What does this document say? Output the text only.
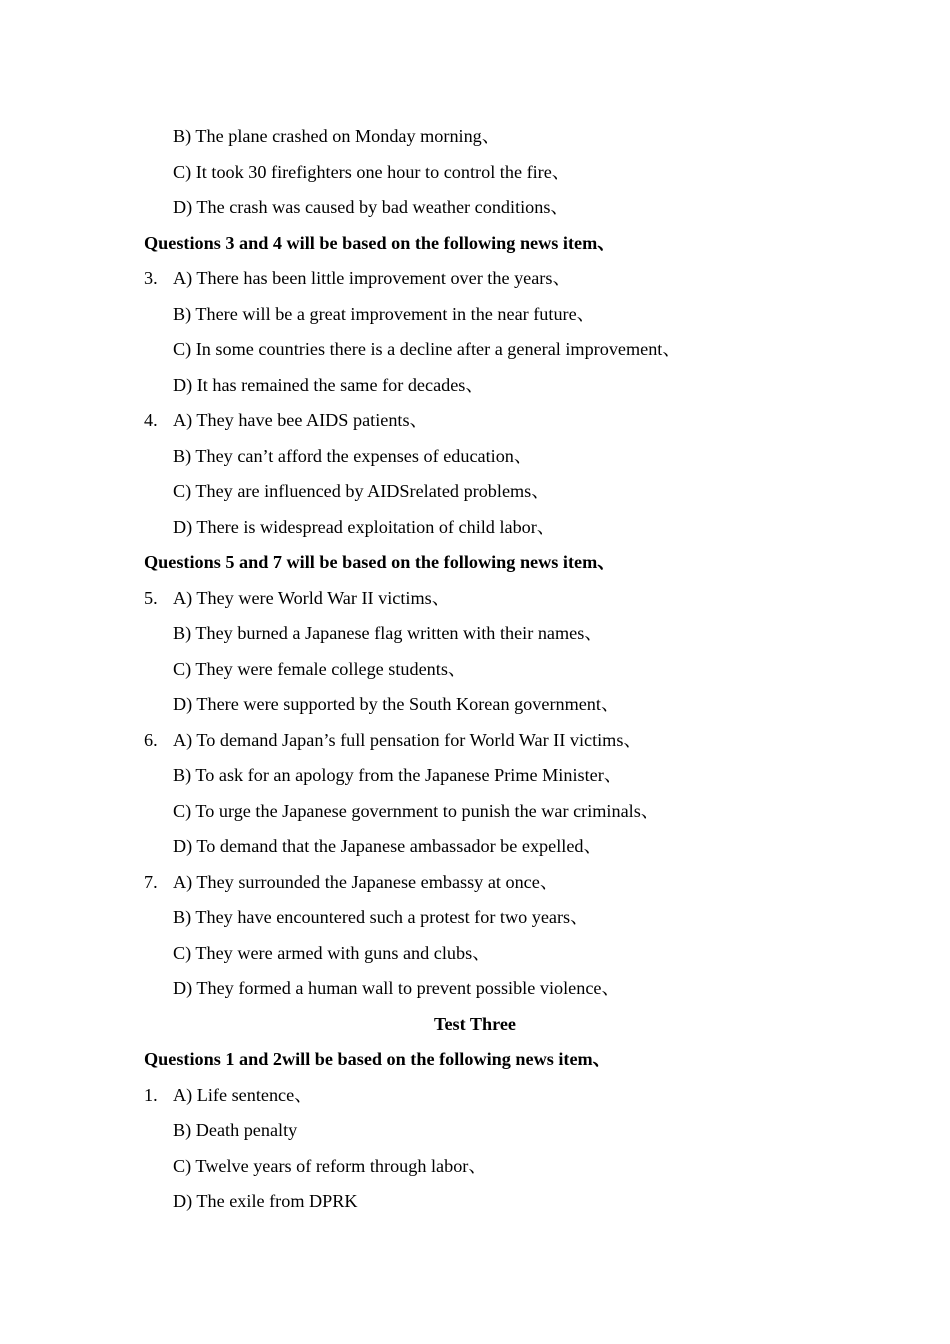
B) The plane crashed on Monday morning、
C) It took 30 firefighters one hour to control the fire、
D) The crash was caused by bad weather conditions、
Questions 3 and 4 will be based on the following news item、
3. A) There has been little improvement over the years、
B) There will be a great improvement in the near future、
C) In some countries there is a decline after a general improvement、
D) It has remained the same for decades、
4. A) They have bee AIDS patients、
B) They can’t afford the expenses of education、
C) They are influenced by AIDSrelated problems、
D) There is widespread exploitation of child labor、
Questions 5 and 7 will be based on the following news item、
5. A) They were World War II victims、
B) They burned a Japanese flag written with their names、
C) They were female college students、
D) There were supported by the South Korean government、
6. A) To demand Japan’s full pensation for World War II victims、
B) To ask for an apology from the Japanese Prime Minister、
C) To urge the Japanese government to punish the war criminals、
D) To demand that the Japanese ambassador be expelled、
7. A) They surrounded the Japanese embassy at once、
B) They have encountered such a protest for two years、
C) They were armed with guns and clubs、
D) They formed a human wall to prevent possible violence、
Test Three
Questions 1 and 2will be based on the following news item、
1. A) Life sentence、
B) Death penalty
C) Twelve years of reform through labor、
D) The exile from DPRK
